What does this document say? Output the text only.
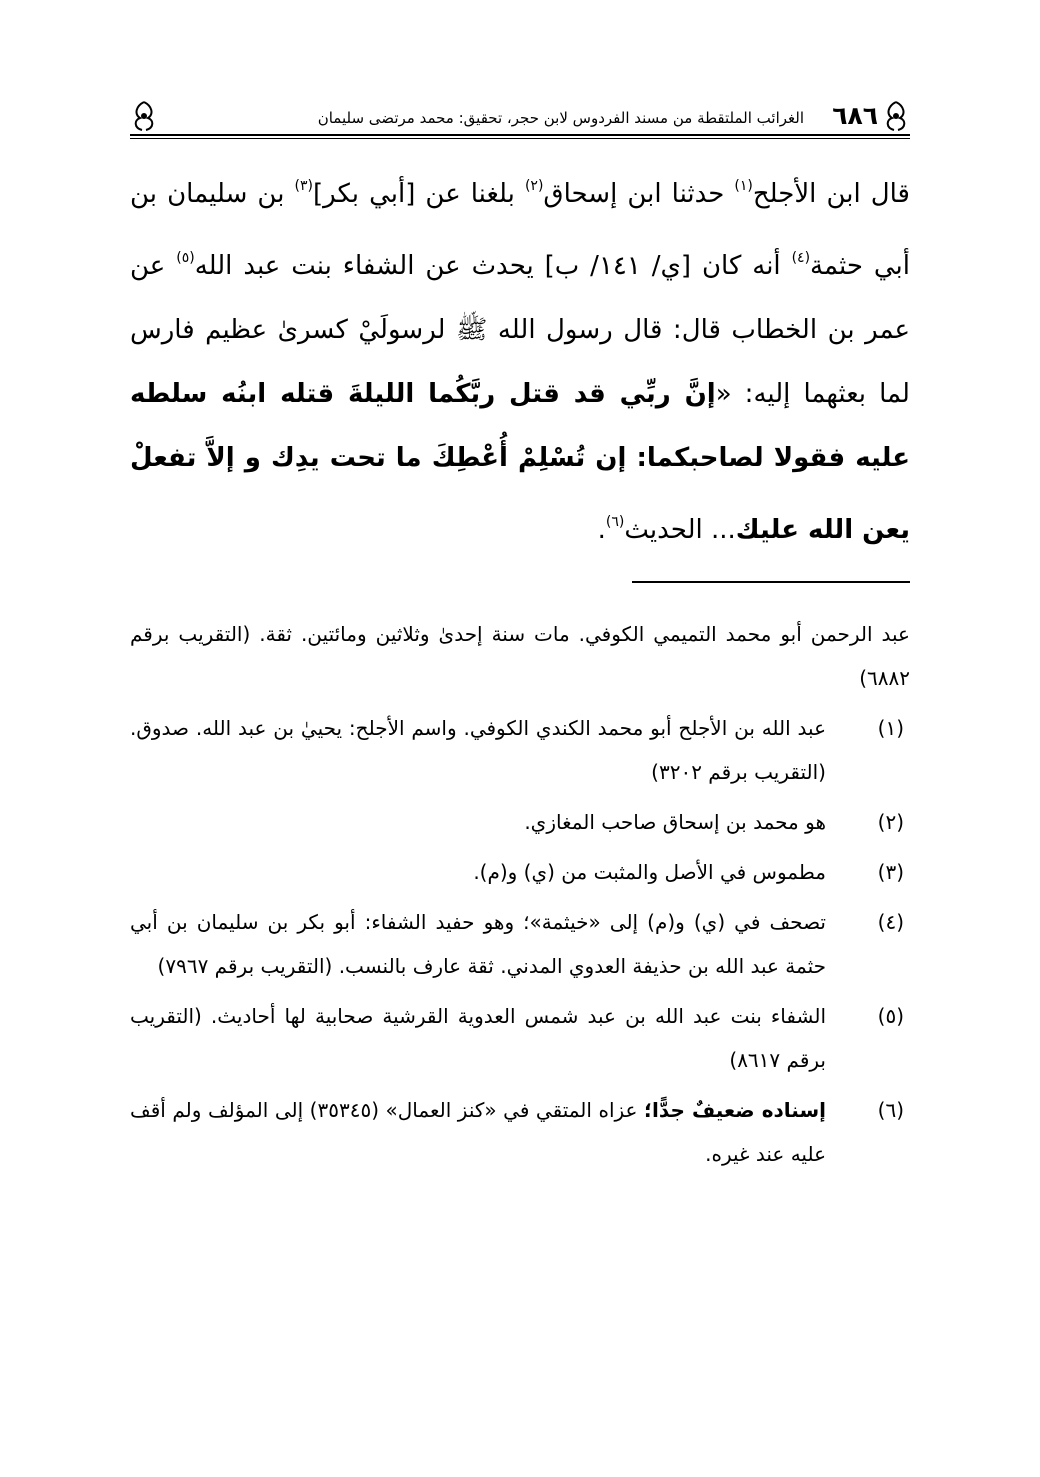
٦٨٦
الغرائب الملتقطة من مسند الفردوس لابن حجر، تحقيق: محمد مرتضى سليمان

قال ابن الأجلح$^{(١)}$ حدثنا ابن إسحاق$^{(٢)}$ بلغنا عن [أبي بكر]$^{(٣)}$ بن سليمان بن أبي حثمة$^{(٤)}$ أنه كان [ي/ ١٤١/ ب] يحدث عن الشفاء بنت عبد الله$^{(٥)}$ عن عمر بن الخطاب قال: قال رسول الله ﷺ لرسولَيْ كسرىٰ عظيم فارس لما بعثهما إليه: «إنَّ ربِّي قد قتل ربَّكُما الليلةَ قتله ابنُه سلطه عليه فقولا لصاحبكما: إن تُسْلِمْ أُعْطِكَ ما تحت يدِك و إلاَّ تفعلْ يعن الله عليك... الحديث$^{(٦)}$.

عبد الرحمن أبو محمد التميمي الكوفي. مات سنة إحدىٰ وثلاثين ومائتين. ثقة. (التقريب برقم ٦٨٨٢)
(١)
عبد الله بن الأجلح أبو محمد الكندي الكوفي. واسم الأجلح: يحييٰ بن عبد الله. صدوق. (التقريب برقم ٣٢٠٢)
(٢)
هو محمد بن إسحاق صاحب المغازي.
(٣)
مطموس في الأصل والمثبت من (ي) و(م).
(٤)
تصحف في (ي) و(م) إلى «خيثمة»؛ وهو حفيد الشفاء: أبو بكر بن سليمان بن أبي حثمة عبد الله بن حذيفة العدوي المدني. ثقة عارف بالنسب. (التقريب برقم ٧٩٦٧)
(٥)
الشفاء بنت عبد الله بن عبد شمس العدوية القرشية صحابية لها أحاديث. (التقريب برقم ٨٦١٧)
(٦)
إسناده ضعيفٌ جدًّا؛ عزاه المتقي في «كنز العمال» (٣٥٣٤٥) إلى المؤلف ولم أقف عليه عند غيره.
